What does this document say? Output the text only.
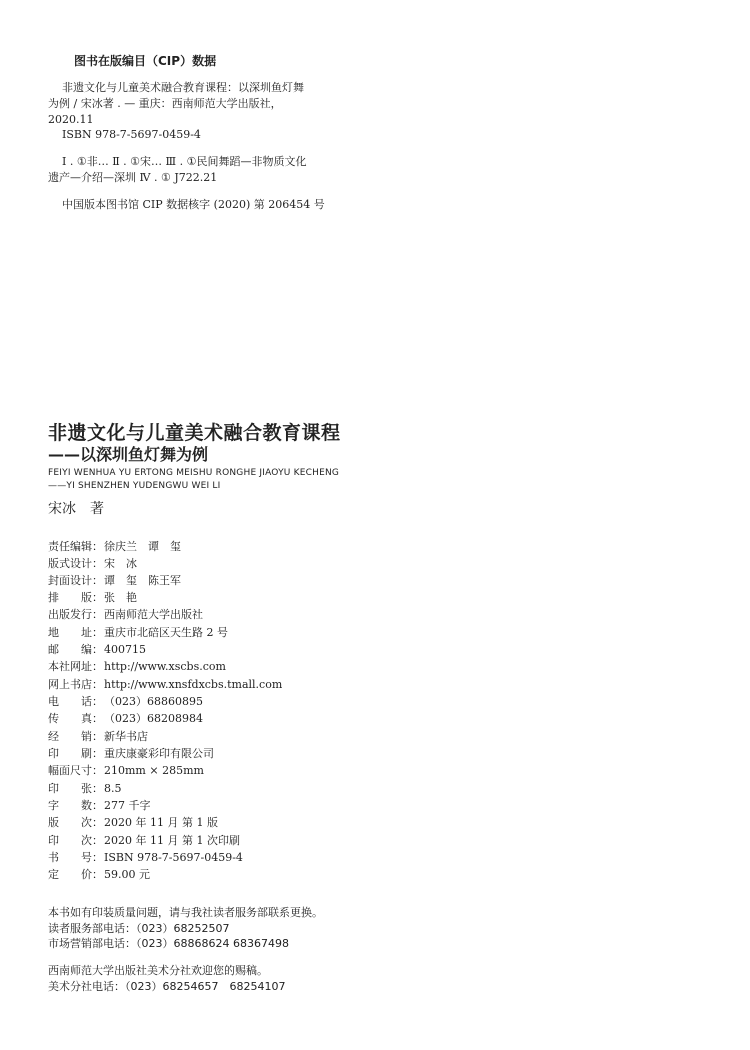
图书在版编目（CIP）数据
非遗文化与儿童美术融合教育课程：以深圳鱼灯舞
为例 / 宋冰著 . — 重庆：西南师范大学出版社，
2020.11
ISBN 978-7-5697-0459-4
Ⅰ . ①非… Ⅱ . ①宋… Ⅲ . ①民间舞蹈—非物质文化
遗产—介绍—深圳 Ⅳ . ① J722.21
中国版本图书馆 CIP 数据核字 (2020) 第 206454 号
非遗文化与儿童美术融合教育课程
——以深圳鱼灯舞为例
FEIYI WENHUA YU ERTONG MEISHU RONGHE JIAOYU KECHENG
——YI SHENZHEN YUDENGWU WEI LI
宋冰　著
责任编辑：徐庆兰　谭　玺
版式设计：宋　冰
封面设计：谭　玺　陈王军
排　　版：张　艳
出版发行：西南师范大学出版社
地　　址：重庆市北碚区天生路 2 号
邮　　编：400715
本社网址：http://www.xscbs.com
网上书店：http://www.xnsfdxcbs.tmall.com
电　　话：（023）68860895
传　　真：（023）68208984
经　　销：新华书店
印　　刷：重庆康豪彩印有限公司
幅面尺寸：210mm × 285mm
印　　张：8.5
字　　数：277 千字
版　　次：2020 年 11 月 第 1 版
印　　次：2020 年 11 月 第 1 次印刷
书　　号：ISBN 978-7-5697-0459-4
定　　价：59.00 元
本书如有印装质量问题，请与我社读者服务部联系更换。
读者服务部电话：（023）68252507
市场营销部电话：（023）68868624 68367498
西南师范大学出版社美术分社欢迎您的赐稿。
美术分社电话：（023）68254657　68254107
